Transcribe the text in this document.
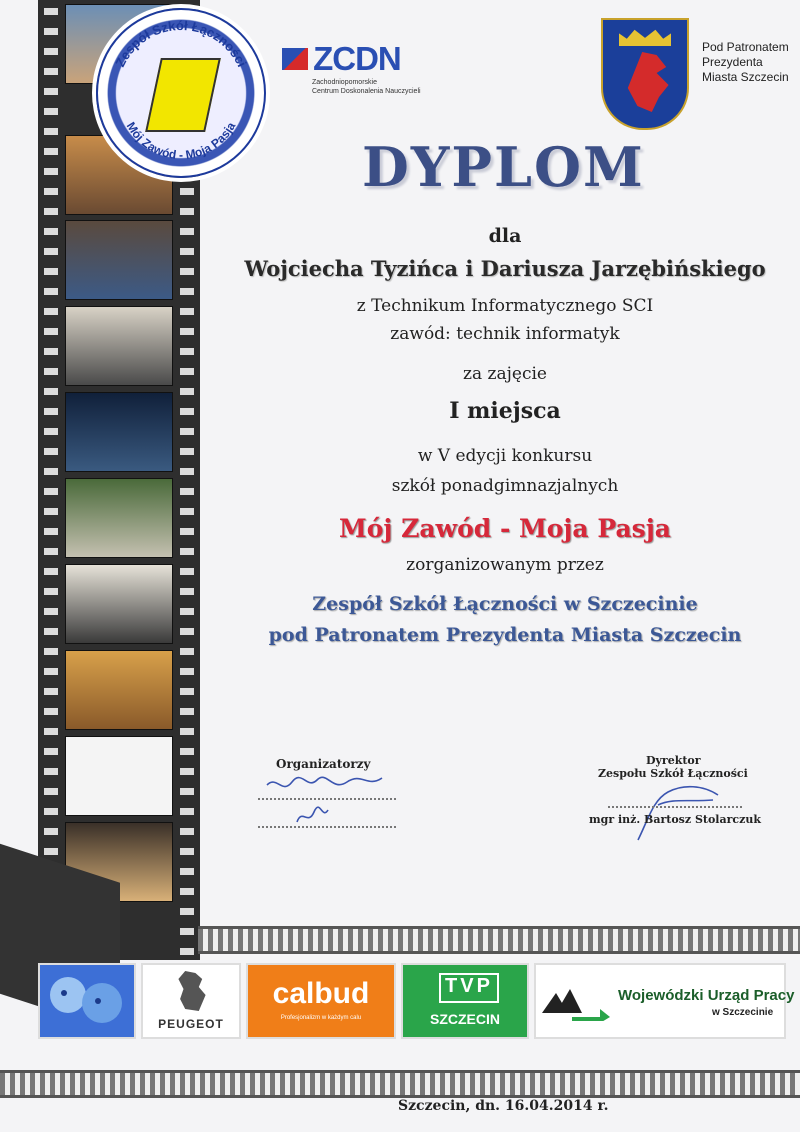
Zespół Szkół Łączności
Mój Zawód - Moja Pasja
ZCDN
Zachodniopomorskie
Centrum Doskonalenia Nauczycieli
Pod Patronatem
Prezydenta
Miasta Szczecin
DYPLOM
dla
Wojciecha Tyzińca i Dariusza Jarzębińskiego
z Technikum Informatycznego SCI
zawód: technik informatyk
za zajęcie
I miejsca
w V edycji konkursu
szkół ponadgimnazjalnych
Mój Zawód - Moja Pasja
zorganizowanym przez
Zespół Szkół Łączności w Szczecinie
pod Patronatem Prezydenta Miasta Szczecin
Organizatorzy	Dyrektor
Zespołu Szkół Łączności
mgr inż. Bartosz Stolarczuk
PEUGEOT
calbud
Profesjonalizm w każdym calu
TVP
SZCZECIN
Wojewódzki Urząd Pracy
w Szczecinie
Szczecin, dn. 16.04.2014 r.
